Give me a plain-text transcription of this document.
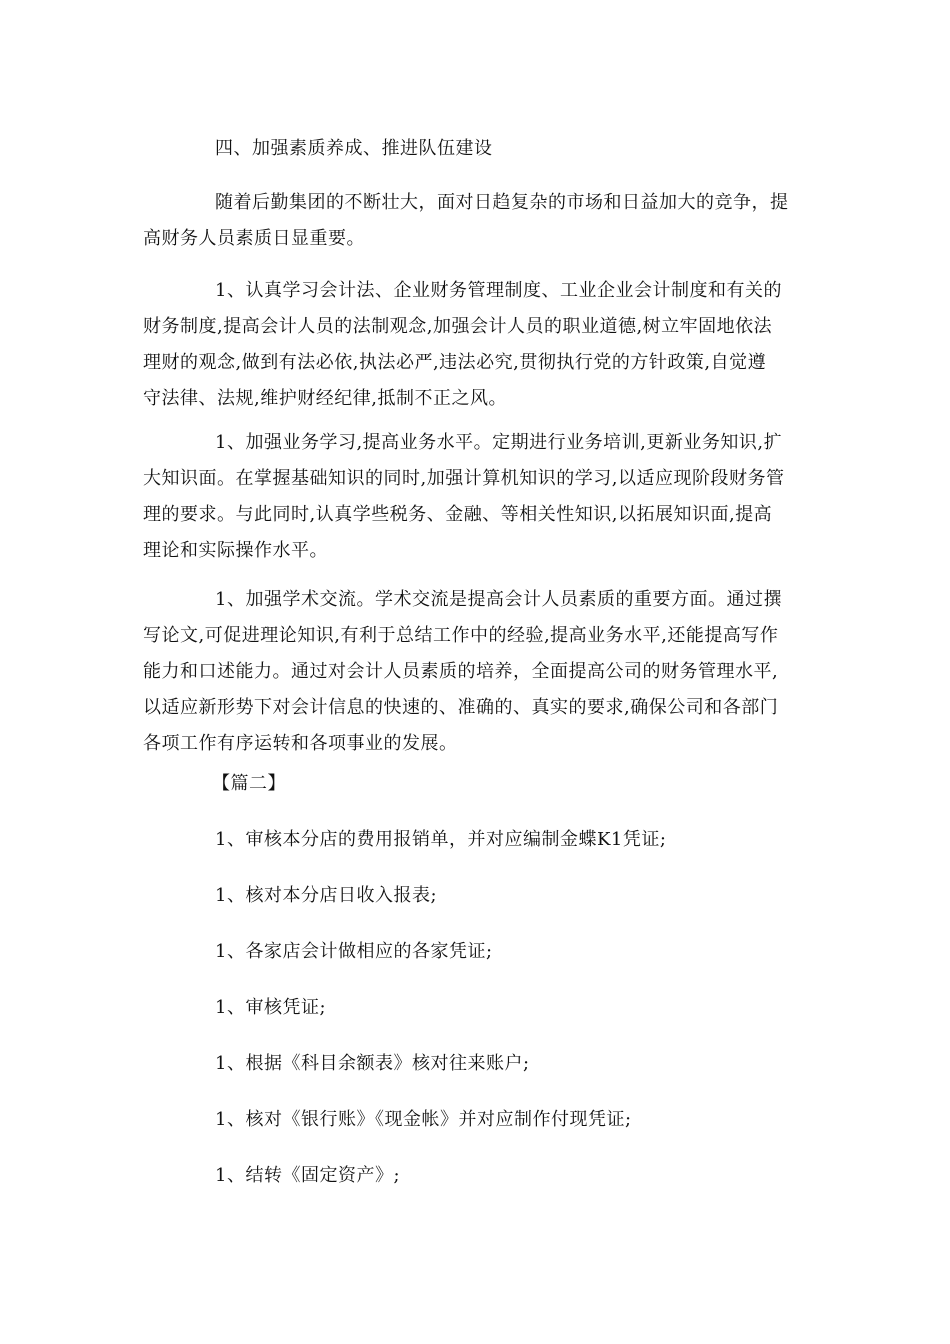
四、加强素质养成、推进队伍建设

随着后勤集团的不断壮大，面对日趋复杂的市场和日益加大的竞争，提
高财务人员素质日显重要。

1、认真学习会计法、企业财务管理制度、工业企业会计制度和有关的
财务制度,提高会计人员的法制观念,加强会计人员的职业道德,树立牢固地依法
理财的观念,做到有法必依,执法必严,违法必究,贯彻执行党的方针政策,自觉遵
守法律、法规,维护财经纪律,抵制不正之风。

1、加强业务学习,提高业务水平。定期进行业务培训,更新业务知识,扩
大知识面。在掌握基础知识的同时,加强计算机知识的学习,以适应现阶段财务管
理的要求。与此同时,认真学些税务、金融、等相关性知识,以拓展知识面,提高
理论和实际操作水平。

1、加强学术交流。学术交流是提高会计人员素质的重要方面。通过撰
写论文,可促进理论知识,有利于总结工作中的经验,提高业务水平,还能提高写作
能力和口述能力。通过对会计人员素质的培养，全面提高公司的财务管理水平,
以适应新形势下对会计信息的快速的、准确的、真实的要求,确保公司和各部门
各项工作有序运转和各项事业的发展。

【篇二】

1、审核本分店的费用报销单，并对应编制金蝶K1凭证;

1、核对本分店日收入报表;

1、各家店会计做相应的各家凭证;

1、审核凭证;

1、根据《科目余额表》核对往来账户;

1、核对《银行账》《现金帐》并对应制作付现凭证;

1、结转《固定资产》;
